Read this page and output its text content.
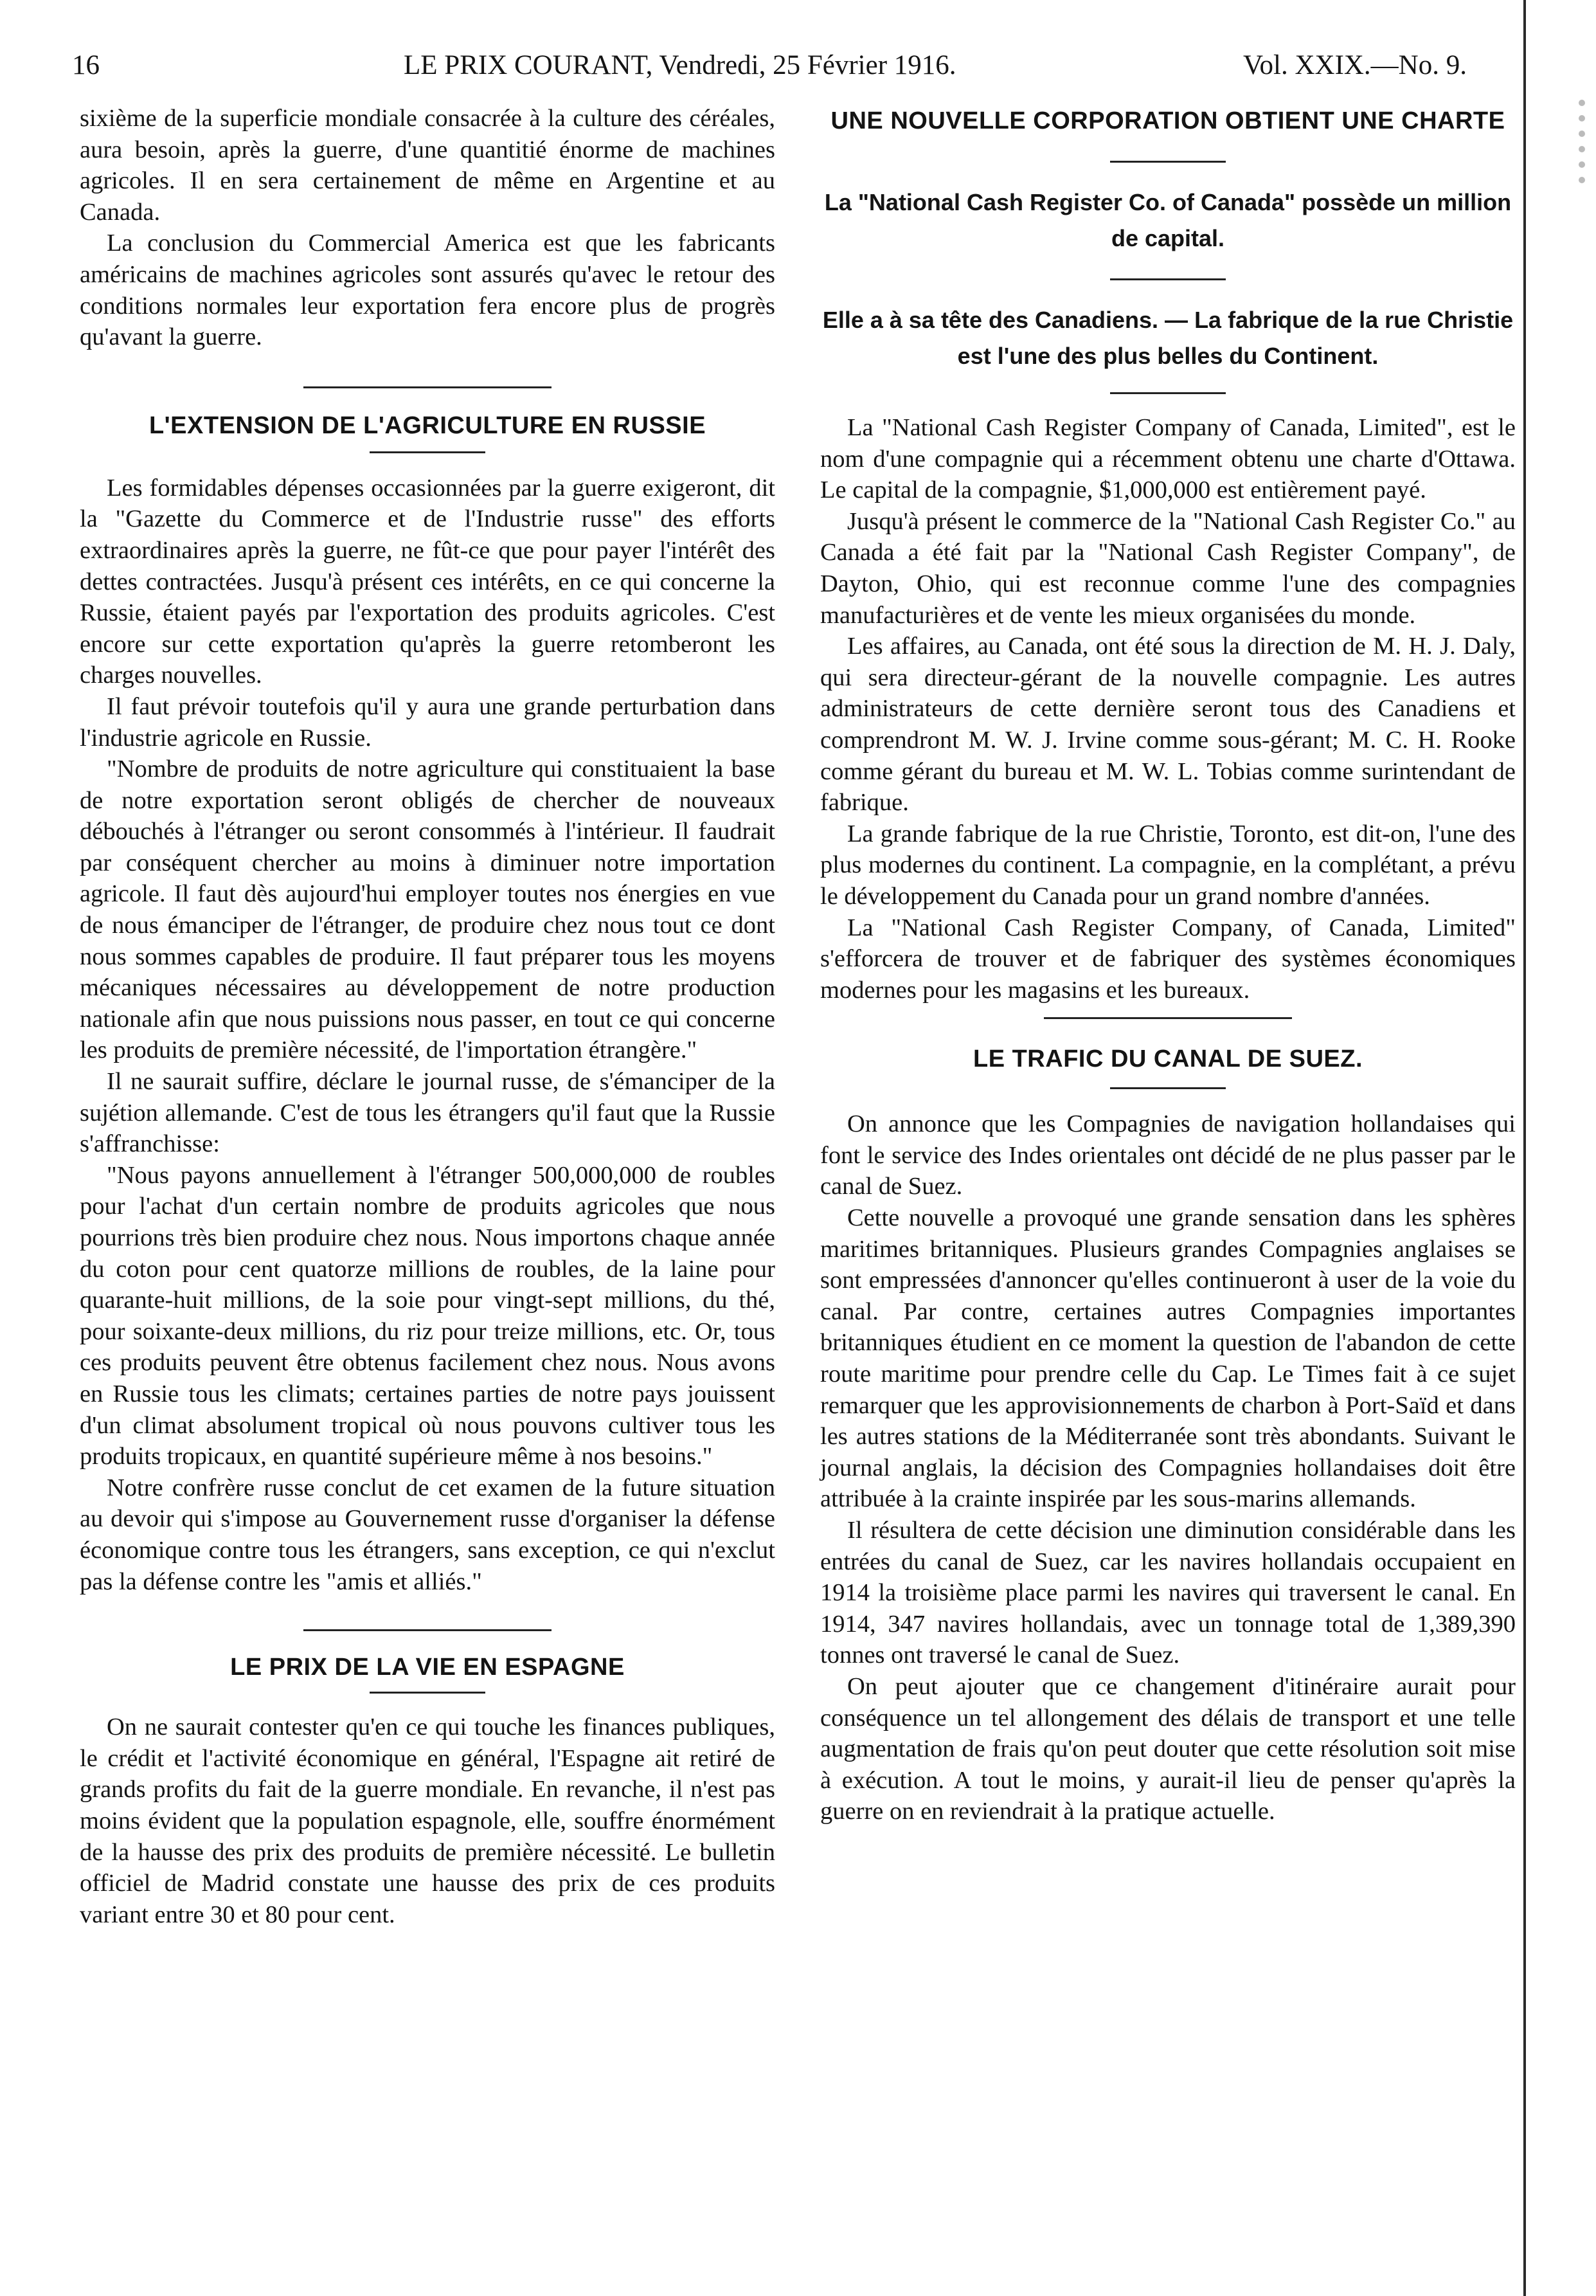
16	LE PRIX COURANT, Vendredi, 25 Février 1916.	Vol. XXIX.—No. 9.

sixième de la superficie mondiale consacrée à la culture des céréales, aura besoin, après la guerre, d'une quantitié énorme de machines agricoles. Il en sera certainement de même en Argentine et au Canada.

La conclusion du Commercial America est que les fabricants américains de machines agricoles sont assurés qu'avec le retour des conditions normales leur exportation fera encore plus de progrès qu'avant la guerre.

L'EXTENSION DE L'AGRICULTURE EN RUSSIE

Les formidables dépenses occasionnées par la guerre exigeront, dit la "Gazette du Commerce et de l'Industrie russe" des efforts extraordinaires après la guerre, ne fût-ce que pour payer l'intérêt des dettes contractées. Jusqu'à présent ces intérêts, en ce qui concerne la Russie, étaient payés par l'exportation des produits agricoles. C'est encore sur cette exportation qu'après la guerre retomberont les charges nouvelles.

Il faut prévoir toutefois qu'il y aura une grande perturbation dans l'industrie agricole en Russie.

"Nombre de produits de notre agriculture qui constituaient la base de notre exportation seront obligés de chercher de nouveaux débouchés à l'étranger ou seront consommés à l'intérieur. Il faudrait par conséquent chercher au moins à diminuer notre importation agricole. Il faut dès aujourd'hui employer toutes nos énergies en vue de nous émanciper de l'étranger, de produire chez nous tout ce dont nous sommes capables de produire. Il faut préparer tous les moyens mécaniques nécessaires au développement de notre production nationale afin que nous puissions nous passer, en tout ce qui concerne les produits de première nécessité, de l'importation étrangère."

Il ne saurait suffire, déclare le journal russe, de s'émanciper de la sujétion allemande. C'est de tous les étrangers qu'il faut que la Russie s'affranchisse:

"Nous payons annuellement à l'étranger 500,000,000 de roubles pour l'achat d'un certain nombre de produits agricoles que nous pourrions très bien produire chez nous. Nous importons chaque année du coton pour cent quatorze millions de roubles, de la laine pour quarante-huit millions, de la soie pour vingt-sept millions, du thé, pour soixante-deux millions, du riz pour treize millions, etc. Or, tous ces produits peuvent être obtenus facilement chez nous. Nous avons en Russie tous les climats; certaines parties de notre pays jouissent d'un climat absolument tropical où nous pouvons cultiver tous les produits tropicaux, en quantité supérieure même à nos besoins."

Notre confrère russe conclut de cet examen de la future situation au devoir qui s'impose au Gouvernement russe d'organiser la défense économique contre tous les étrangers, sans exception, ce qui n'exclut pas la défense contre les "amis et alliés."

LE PRIX DE LA VIE EN ESPAGNE

On ne saurait contester qu'en ce qui touche les finances publiques, le crédit et l'activité économique en général, l'Espagne ait retiré de grands profits du fait de la guerre mondiale. En revanche, il n'est pas moins évident que la population espagnole, elle, souffre énormément de la hausse des prix des produits de première nécessité. Le bulletin officiel de Madrid constate une hausse des prix de ces produits variant entre 30 et 80 pour cent.

UNE NOUVELLE CORPORATION OBTIENT UNE CHARTE
La "National Cash Register Co. of Canada" possède un million de capital.
Elle a à sa tête des Canadiens. — La fabrique de la rue Christie est l'une des plus belles du Continent.

La "National Cash Register Company of Canada, Limited", est le nom d'une compagnie qui a récemment obtenu une charte d'Ottawa. Le capital de la compagnie, $1,000,000 est entièrement payé.

Jusqu'à présent le commerce de la "National Cash Register Co." au Canada a été fait par la "National Cash Register Company", de Dayton, Ohio, qui est reconnue comme l'une des compagnies manufacturières et de vente les mieux organisées du monde.

Les affaires, au Canada, ont été sous la direction de M. H. J. Daly, qui sera directeur-gérant de la nouvelle compagnie. Les autres administrateurs de cette dernière seront tous des Canadiens et comprendront M. W. J. Irvine comme sous-gérant; M. C. H. Rooke comme gérant du bureau et M. W. L. Tobias comme surintendant de fabrique.

La grande fabrique de la rue Christie, Toronto, est dit-on, l'une des plus modernes du continent. La compagnie, en la complétant, a prévu le développement du Canada pour un grand nombre d'années.

La "National Cash Register Company, of Canada, Limited" s'efforcera de trouver et de fabriquer des systèmes économiques modernes pour les magasins et les bureaux.

LE TRAFIC DU CANAL DE SUEZ.

On annonce que les Compagnies de navigation hollandaises qui font le service des Indes orientales ont décidé de ne plus passer par le canal de Suez.

Cette nouvelle a provoqué une grande sensation dans les sphères maritimes britanniques. Plusieurs grandes Compagnies anglaises se sont empressées d'annoncer qu'elles continueront à user de la voie du canal. Par contre, certaines autres Compagnies importantes britanniques étudient en ce moment la question de l'abandon de cette route maritime pour prendre celle du Cap. Le Times fait à ce sujet remarquer que les approvisionnements de charbon à Port-Saïd et dans les autres stations de la Méditerranée sont très abondants. Suivant le journal anglais, la décision des Compagnies hollandaises doit être attribuée à la crainte inspirée par les sous-marins allemands.

Il résultera de cette décision une diminution considérable dans les entrées du canal de Suez, car les navires hollandais occupaient en 1914 la troisième place parmi les navires qui traversent le canal. En 1914, 347 navires hollandais, avec un tonnage total de 1,389,390 tonnes ont traversé le canal de Suez.

On peut ajouter que ce changement d'itinéraire aurait pour conséquence un tel allongement des délais de transport et une telle augmentation de frais qu'on peut douter que cette résolution soit mise à exécution. A tout le moins, y aurait-il lieu de penser qu'après la guerre on en reviendrait à la pratique actuelle.
